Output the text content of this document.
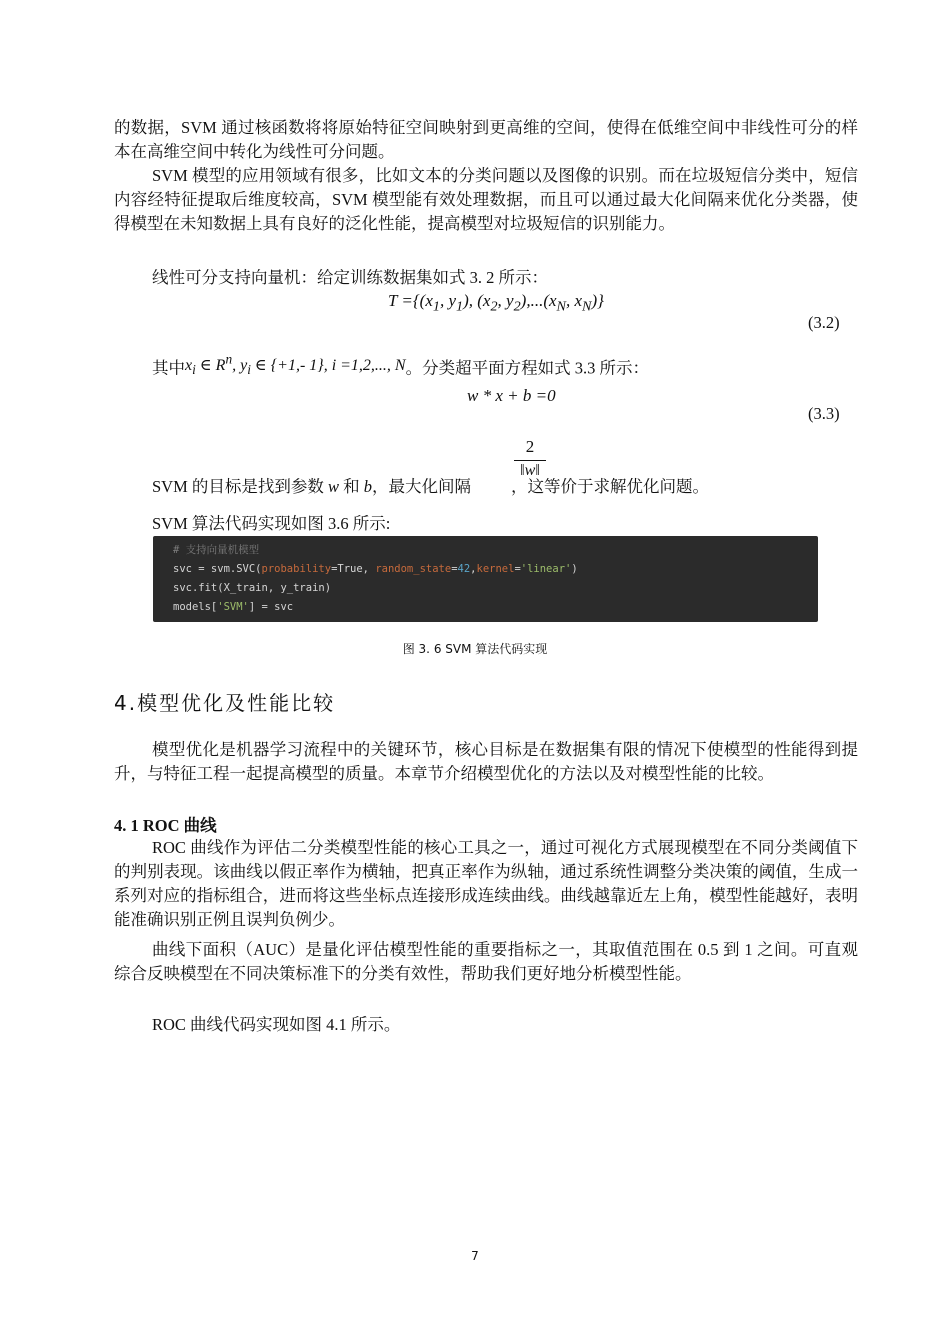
的数据，SVM 通过核函数将将原始特征空间映射到更高维的空间，使得在低维空间中非线性可分的样本在高维空间中转化为线性可分问题。

SVM 模型的应用领域有很多，比如文本的分类问题以及图像的识别。而在垃圾短信分类中，短信内容经特征提取后维度较高，SVM 模型能有效处理数据，而且可以通过最大化间隔来优化分类器，使得模型在未知数据上具有良好的泛化性能，提高模型对垃圾短信的识别能力。

线性可分支持向量机：给定训练数据集如式 3. 2 所示：

$T =\{(x_1$, $y_1$), ($x_2$, $y_2),...(x_N$, $x_N$)}
(3.2)
其中$x_i$ ∈ $R^n$, $y_i$ ∈ {+1,- 1}, i =1,2,..., N。分类超平面方程如式 3.3 所示：
w * x + b =0
(3.3)
2
‖w‖
SVM 的目标是找到参数 w 和 b，最大化间隔 ，这等价于求解优化问题。

SVM 算法代码实现如图 3.6 所示:

# 支持向量机模型
svc = svm.SVC(probability=True, random_state=42,kernel='linear')
svc.fit(X_train, y_train)
models['SVM'] = svc
图 3. 6 SVM 算法代码实现
4.模型优化及性能比较

模型优化是机器学习流程中的关键环节，核心目标是在数据集有限的情况下使模型的性能得到提升，与特征工程一起提高模型的质量。本章节介绍模型优化的方法以及对模型性能的比较。

4. 1 ROC 曲线

ROC 曲线作为评估二分类模型性能的核心工具之一，通过可视化方式展现模型在不同分类阈值下的判别表现。该曲线以假正率作为横轴，把真正率作为纵轴，通过系统性调整分类决策的阈值，生成一系列对应的指标组合，进而将这些坐标点连接形成连续曲线。曲线越靠近左上角，模型性能越好，表明能准确识别正例且误判负例少。

曲线下面积（AUC）是量化评估模型性能的重要指标之一，其取值范围在 0.5 到 1 之间。可直观综合反映模型在不同决策标准下的分类有效性，帮助我们更好地分析模型性能。

ROC 曲线代码实现如图 4.1 所示。

7
